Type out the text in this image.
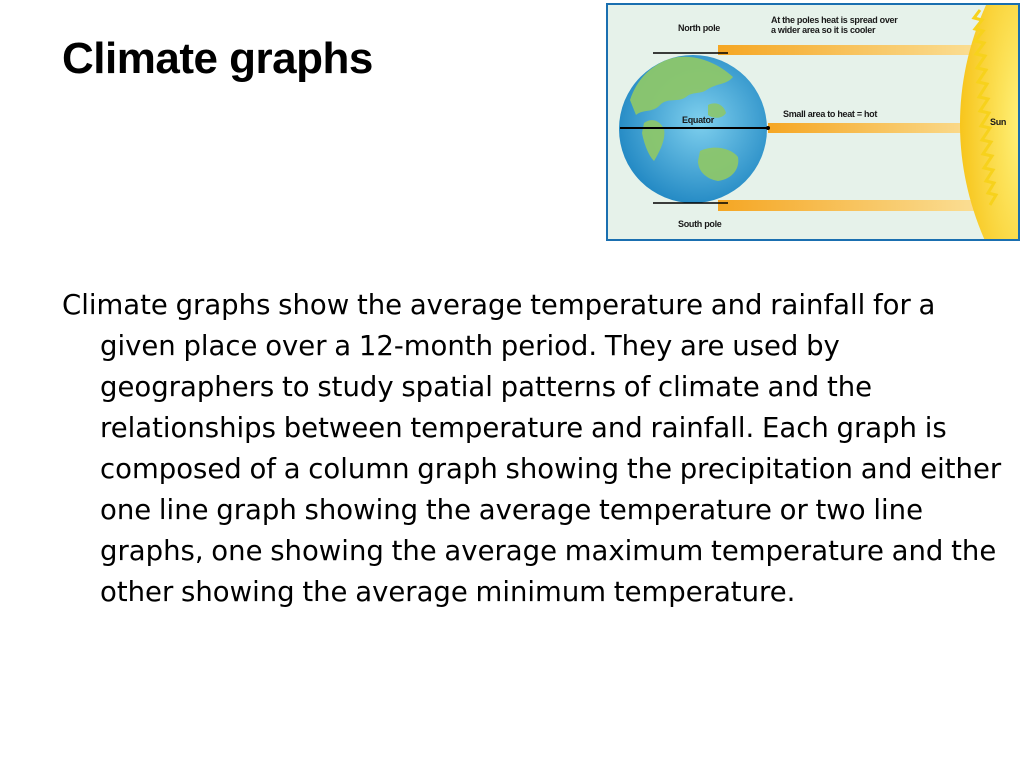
Climate graphs
North pole
South pole
Equator	Sun
At the poles heat is spread over
a wider area so it is cooler
Small area to heat = hot
Climate graphs show the average temperature and rainfall for a given place over a 12-month period. They are used by geographers to study spatial patterns of climate and the relationships between temperature and rainfall. Each graph is composed of a column graph showing the precipitation and either one line graph showing the average temperature or two line graphs, one showing the average maximum temperature and the other showing the average minimum temperature.
